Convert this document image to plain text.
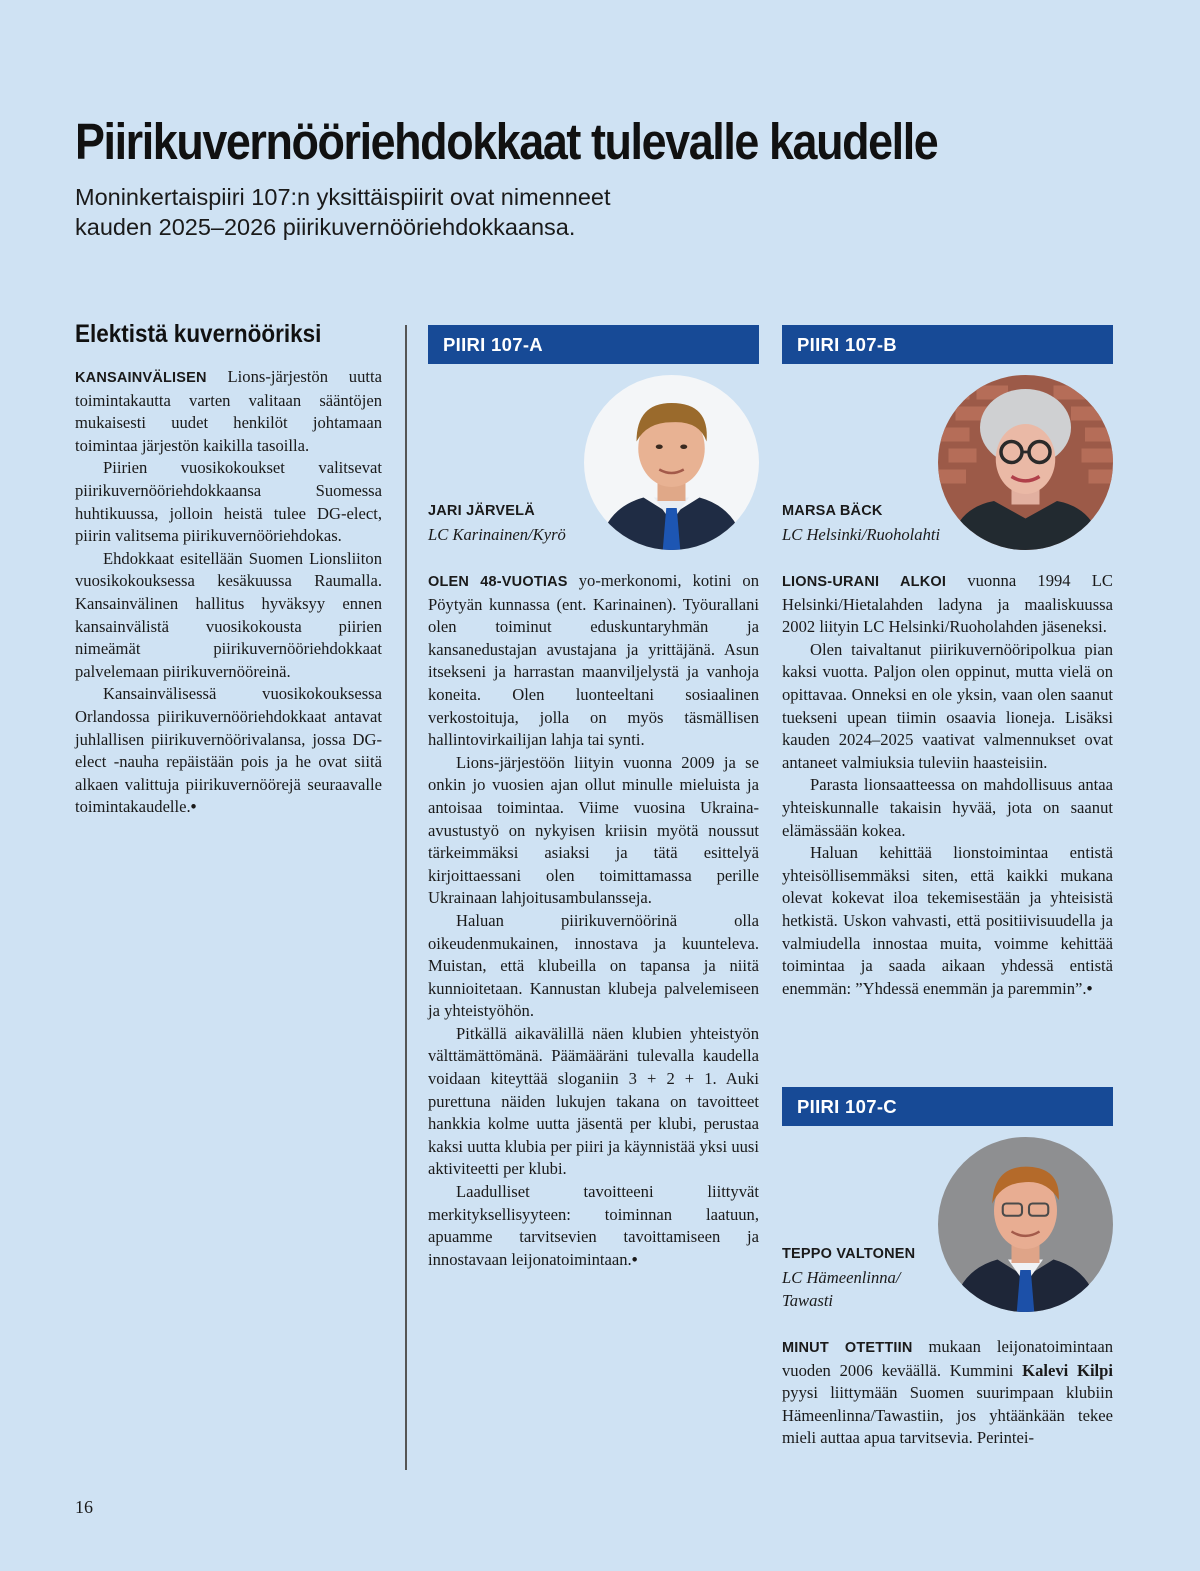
Piirikuvernööriehdokkaat tulevalle kaudelle
Moninkertaispiiri 107:n yksittäispiirit ovat nimenneet
kauden 2025–2026 piirikuvernööriehdokkaansa.
Elektistä kuvernööriksi

KANSAINVÄLISEN Lions-järjestön uutta toimintakautta varten valitaan sääntöjen mukaisesti uudet henkilöt johtamaan toimintaa järjestön kaikilla tasoilla.

Piirien vuosikokoukset valitsevat piirikuvernööriehdokkaansa Suomessa huhtikuussa, jolloin heistä tulee DG-elect, piirin valitsema piirikuvernööriehdokas.

Ehdokkaat esitellään Suomen Lionsliiton vuosikokouksessa kesäkuussa Raumalla. Kansainvälinen hallitus hyväksyy ennen kansainvälistä vuosikokousta piirien nimeämät piirikuvernööriehdokkaat palvelemaan piirikuvernööreinä.

Kansainvälisessä vuosikokouksessa Orlandossa piirikuvernööriehdokkaat antavat juhlallisen piirikuvernöörivalansa, jossa DG-elect -nauha repäistään pois ja he ovat siitä alkaen valittuja piirikuvernöörejä seuraavalle toimintakaudelle.•

PIIRI 107-A
JARI JÄRVELÄ
LC Karinainen/Kyrö

OLEN 48-VUOTIAS yo-merkonomi, kotini on Pöytyän kunnassa (ent. Karinainen). Työurallani olen toiminut eduskuntaryhmän ja kansanedustajan avustajana ja yrittäjänä. Asun itsekseni ja harrastan maanviljelystä ja vanhoja koneita. Olen luonteeltani sosiaalinen verkostoituja, jolla on myös täsmällisen hallintovirkailijan lahja tai synti.

Lions-järjestöön liityin vuonna 2009 ja se onkin jo vuosien ajan ollut minulle mieluista ja antoisaa toimintaa. Viime vuosina Ukraina-avustustyö on nykyisen kriisin myötä noussut tärkeimmäksi asiaksi ja tätä esittelyä kirjoittaessani olen toimittamassa perille Ukrainaan lahjoitusambulansseja.

Haluan piirikuvernöörinä olla oikeudenmukainen, innostava ja kuunteleva. Muistan, että klubeilla on tapansa ja niitä kunnioitetaan. Kannustan klubeja palvelemiseen ja yhteistyöhön.

Pitkällä aikavälillä näen klubien yhteistyön välttämättömänä. Päämääräni tulevalla kaudella voidaan kiteyttää sloganiin 3 + 2 + 1. Auki purettuna näiden lukujen takana on tavoitteet hankkia kolme uutta jäsentä per klubi, perustaa kaksi uutta klubia per piiri ja käynnistää yksi uusi aktiviteetti per klubi.

Laadulliset tavoitteeni liittyvät merkityksellisyyteen: toiminnan laatuun, apuamme tarvitsevien tavoittamiseen ja innostavaan leijonatoimintaan.•

PIIRI 107-B
MARSA BÄCK
LC Helsinki/Ruoholahti

LIONS-URANI ALKOI vuonna 1994 LC Helsinki/Hietalahden ladyna ja maaliskuussa 2002 liityin LC Helsinki/Ruoholahden jäseneksi.

Olen taivaltanut piirikuvernööripolkua pian kaksi vuotta. Paljon olen oppinut, mutta vielä on opittavaa. Onneksi en ole yksin, vaan olen saanut tuekseni upean tiimin osaavia lioneja. Lisäksi kauden 2024–2025 vaativat valmennukset ovat antaneet valmiuksia tuleviin haasteisiin.

Parasta lionsaatteessa on mahdollisuus antaa yhteiskunnalle takaisin hyvää, jota on saanut elämässään kokea.

Haluan kehittää lionstoimintaa entistä yhteisöllisemmäksi siten, että kaikki mukana olevat kokevat iloa tekemisestään ja yhteisistä hetkistä. Uskon vahvasti, että positiivisuudella ja valmiudella innostaa muita, voimme kehittää toimintaa ja saada aikaan yhdessä entistä enemmän: ”Yhdessä enemmän ja paremmin”.•

PIIRI 107-C
TEPPO VALTONEN
LC Hämeenlinna/
Tawasti

MINUT OTETTIIN mukaan leijonatoimintaan vuoden 2006 keväällä. Kummini Kalevi Kilpi pyysi liittymään Suomen suurimpaan klubiin Hämeenlinna/Tawastiin, jos yhtäänkään tekee mieli auttaa apua tarvitsevia. Perintei-

16
